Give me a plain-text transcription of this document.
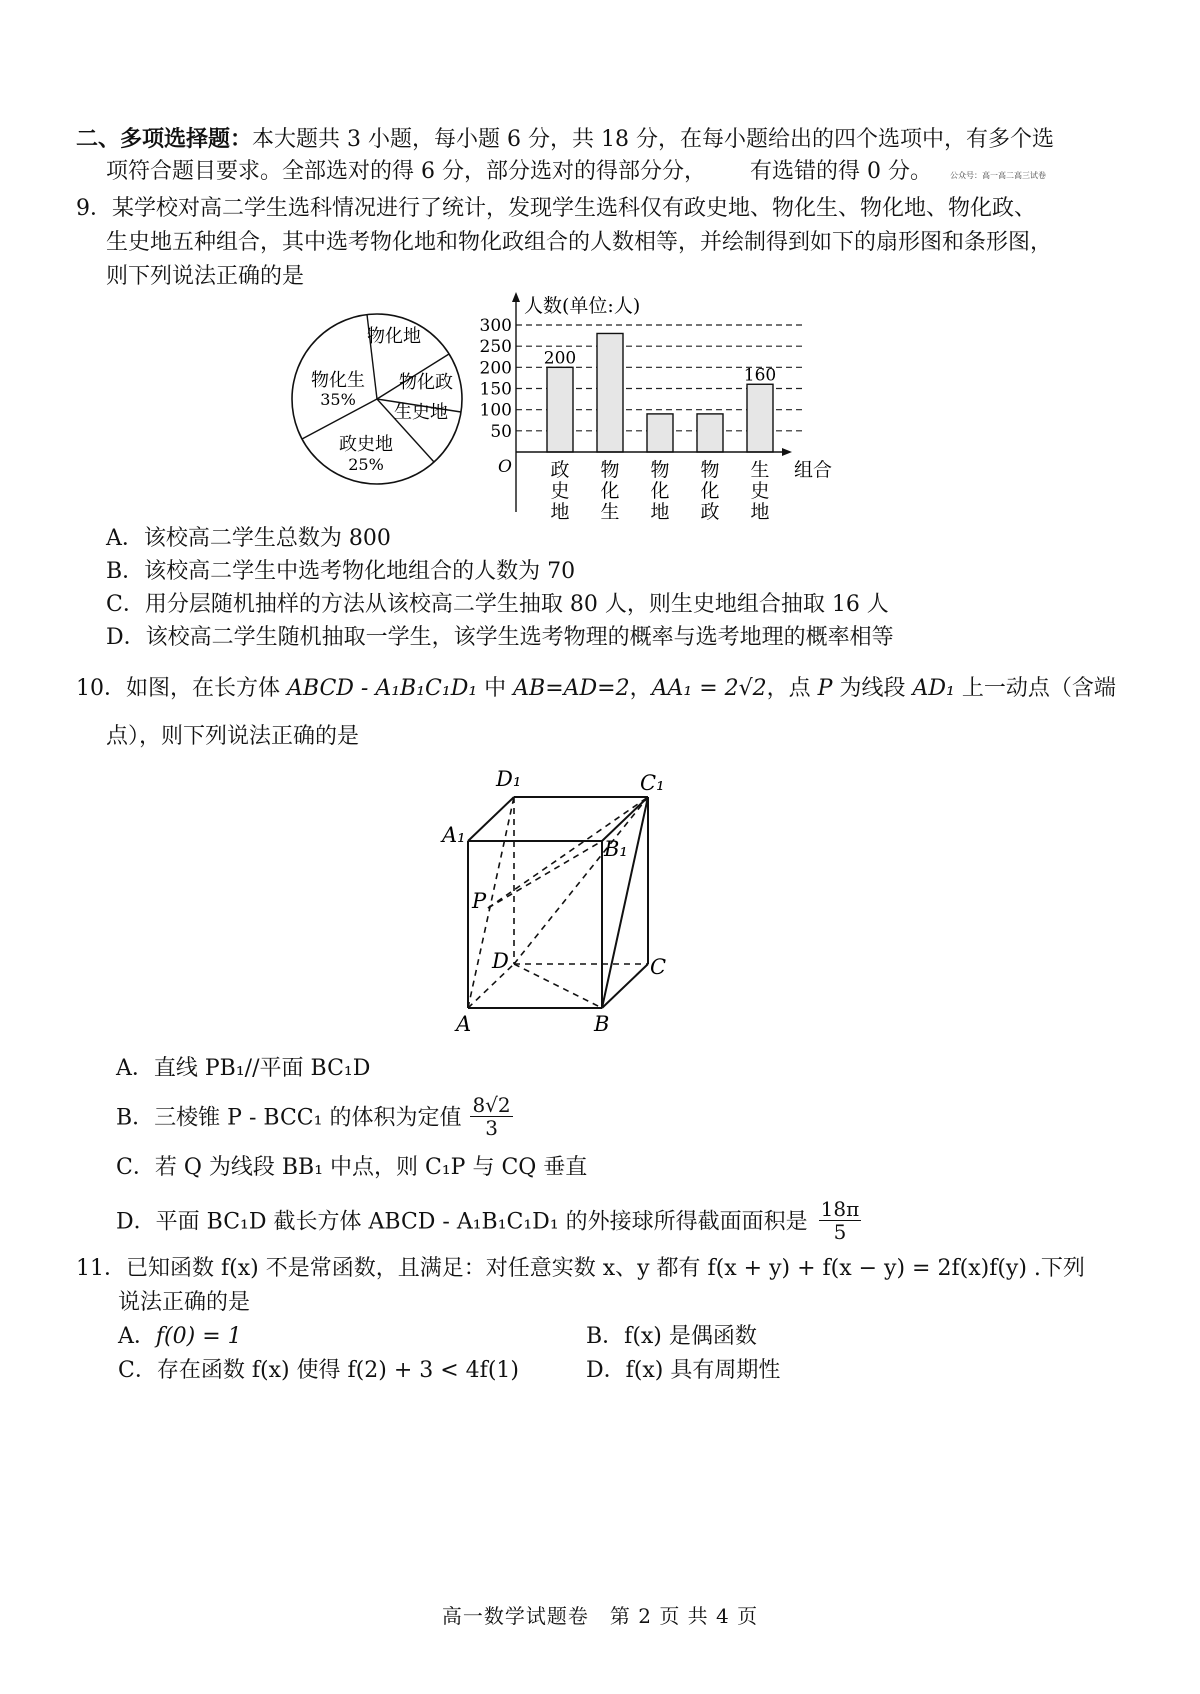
二、多项选择题：本大题共 3 小题，每小题 6 分，共 18 分，在每小题给出的四个选项中，有多个选
项符合题目要求。全部选对的得 6 分，部分选对的得部分分， 有选错的得 0 分。 公众号：高一高二高三试卷
9．某学校对高二学生选科情况进行了统计，发现学生选科仅有政史地、物化生、物化地、物化政、
生史地五种组合，其中选考物化地和物化政组合的人数相等，并绘制得到如下的扇形图和条形图，
则下列说法正确的是
物化地
物化政
生史地
政史地
25%
物化生
35%
人数(单位:人)
组合
O
50
100
150
200
250
300
政
史
地
物
化
生
物
化
地
物
化
政
生
史
地
200
160
A．该校高二学生总数为 800
B．该校高二学生中选考物化地组合的人数为 70
C．用分层随机抽样的方法从该校高二学生抽取 80 人，则生史地组合抽取 16 人
D．该校高二学生随机抽取一学生，该学生选考物理的概率与选考地理的概率相等
10．如图，在长方体 ABCD - A₁B₁C₁D₁ 中 AB=AD=2，AA₁ = 2√2，点 P 为线段 AD₁ 上一动点（含端
点），则下列说法正确的是
D₁	C₁
A₁
B₁
P
D	C
A	B
A．直线 PB₁//平面 BC₁D
B．三棱锥 P - BCC₁ 的体积为定值 $\frac{8√2}{3}$
C．若 Q 为线段 BB₁ 中点，则 C₁P 与 CQ 垂直
D．平面 BC₁D 截长方体 ABCD - A₁B₁C₁D₁ 的外接球所得截面面积是 $\frac{18\pi}{5}$
11．已知函数 f(x) 不是常函数，且满足：对任意实数 x、y 都有 f(x + y) + f(x − y) = 2f(x)f(y) .下列
说法正确的是
A．f(0) = 1	B．f(x) 是偶函数
C．存在函数 f(x) 使得 f(2) + 3 < 4f(1)	D．f(x) 具有周期性
高一数学试题卷　第 2 页 共 4 页
